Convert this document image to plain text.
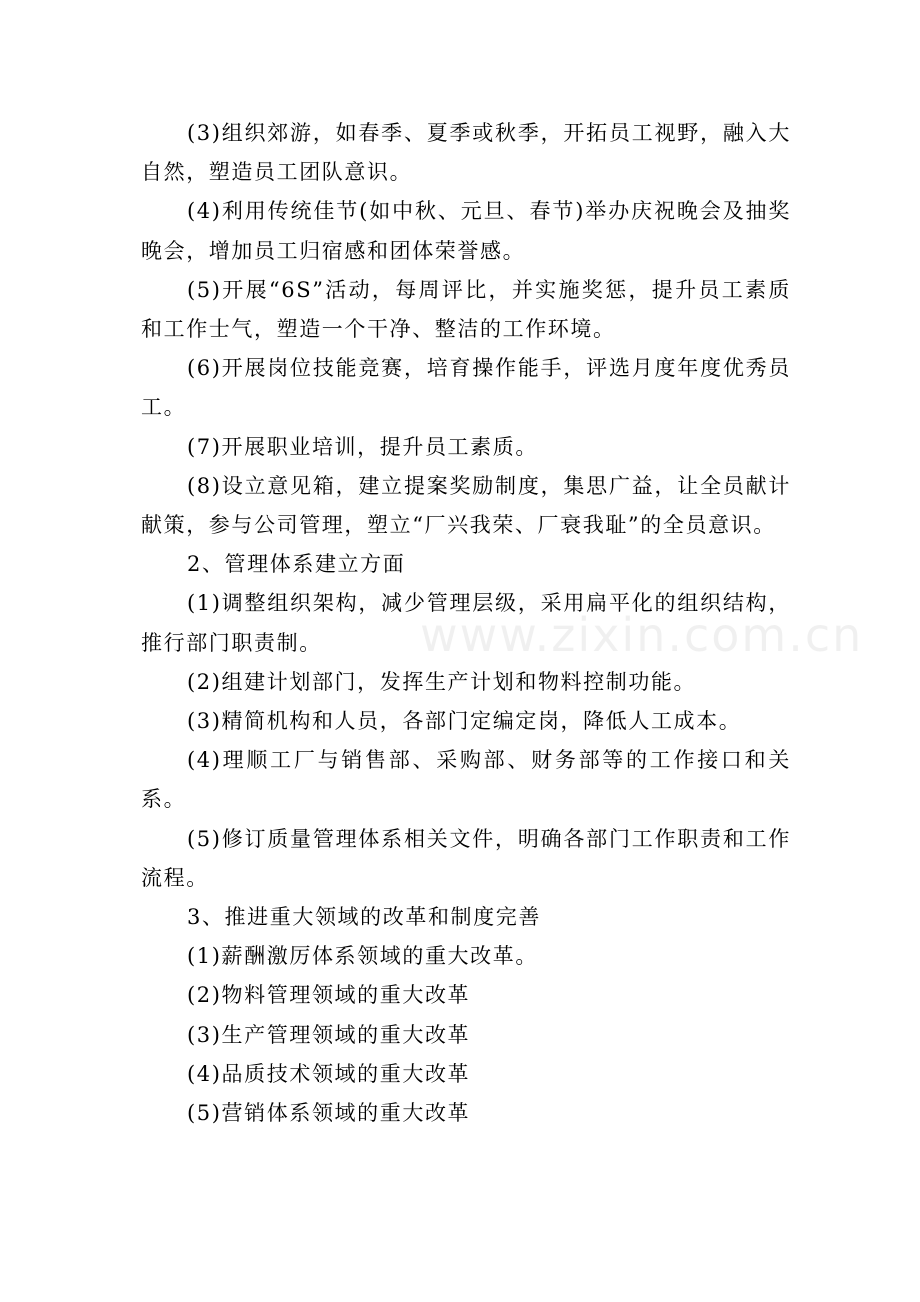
(3)组织郊游，如春季、夏季或秋季，开拓员工视野，融入大自然，塑造员工团队意识。

(4)利用传统佳节(如中秋、元旦、春节)举办庆祝晚会及抽奖晚会，增加员工归宿感和团体荣誉感。

(5)开展“6S”活动，每周评比，并实施奖惩，提升员工素质和工作士气，塑造一个干净、整洁的工作环境。

(6)开展岗位技能竞赛，培育操作能手，评选月度年度优秀员工。

(7)开展职业培训，提升员工素质。

(8)设立意见箱，建立提案奖励制度，集思广益，让全员献计献策，参与公司管理，塑立“厂兴我荣、厂衰我耻”的全员意识。

2、管理体系建立方面

(1)调整组织架构，减少管理层级，采用扁平化的组织结构，推行部门职责制。

(2)组建计划部门，发挥生产计划和物料控制功能。

(3)精简机构和人员，各部门定编定岗，降低人工成本。

(4)理顺工厂与销售部、采购部、财务部等的工作接口和关系。

(5)修订质量管理体系相关文件，明确各部门工作职责和工作流程。

3、推进重大领域的改革和制度完善

(1)薪酬激厉体系领域的重大改革。

(2)物料管理领域的重大改革

(3)生产管理领域的重大改革

(4)品质技术领域的重大改革

(5)营销体系领域的重大改革

www.zixin.com.cn
